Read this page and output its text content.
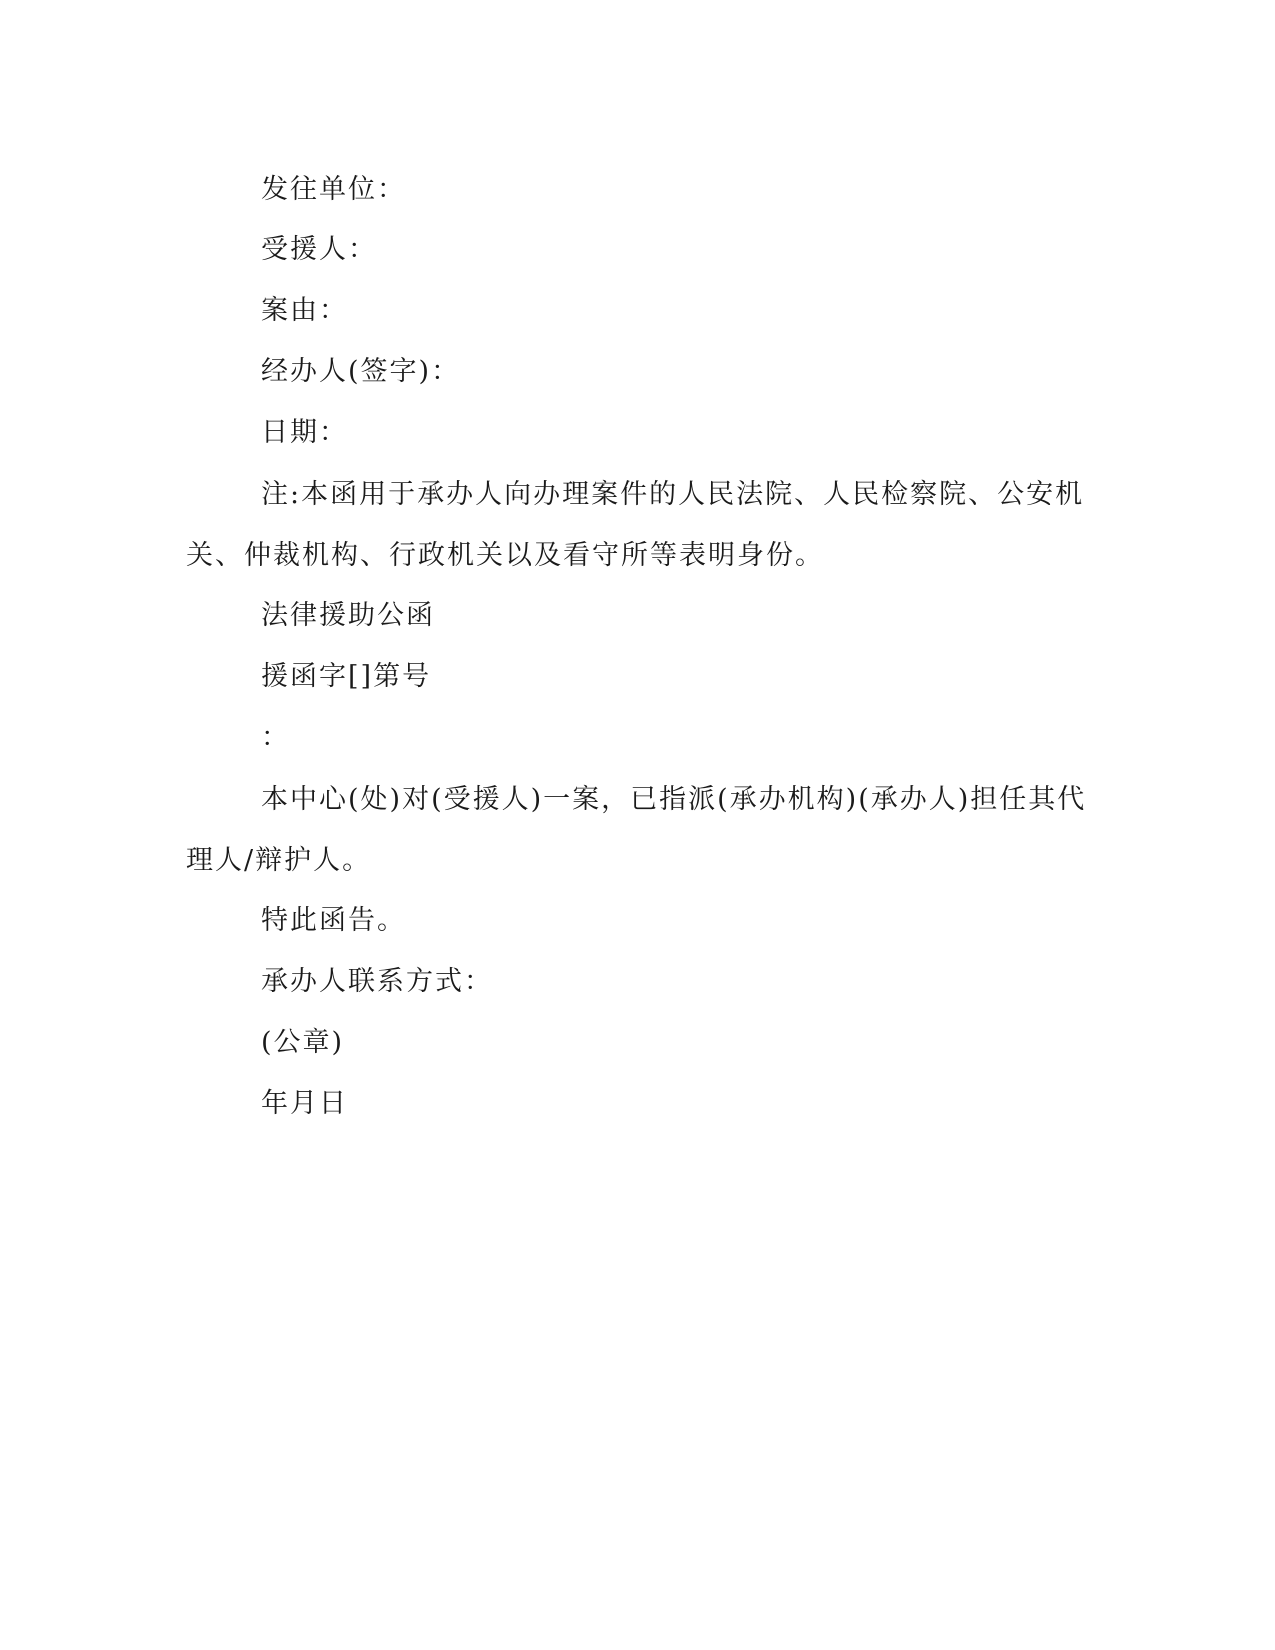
发往单位：
受援人：
案由：
经办人(签字)：
日期：
注:本函用于承办人向办理案件的人民法院、人民检察院、公安机关、仲裁机构、行政机关以及看守所等表明身份。
法律援助公函
援函字[]第号
：
本中心(处)对(受援人)一案，已指派(承办机构)(承办人)担任其代理人/辩护人。
特此函告。
承办人联系方式：
(公章)
年月日
